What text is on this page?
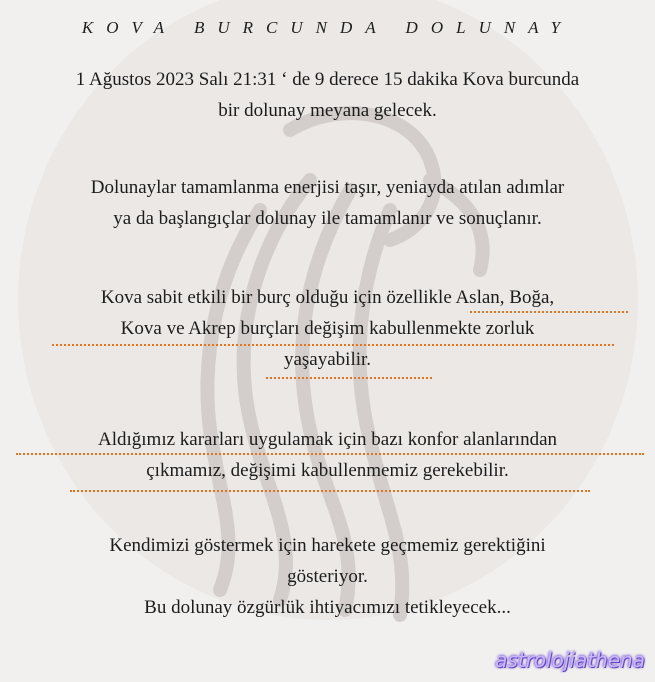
KOVA BURCUNDA DOLUNAY
1 Ağustos 2023 Salı 21:31 ‘ de 9 derece 15 dakika Kova burcunda
bir dolunay meyana gelecek.
Dolunaylar tamamlanma enerjisi taşır, yeniayda atılan adımlar
ya da başlangıçlar dolunay ile tamamlanır ve sonuçlanır.
Kova sabit etkili bir burç olduğu için özellikle Aslan, Boğa,
Kova ve Akrep burçları değişim kabullenmekte zorluk
yaşayabilir.
Aldığımız kararları uygulamak için bazı konfor alanlarından
çıkmamız, değişimi kabullenmemiz gerekebilir.
Kendimizi göstermek için harekete geçmemiz gerektiğini
gösteriyor.
Bu dolunay özgürlük ihtiyacımızı tetikleyecek...
astrolojiathena
